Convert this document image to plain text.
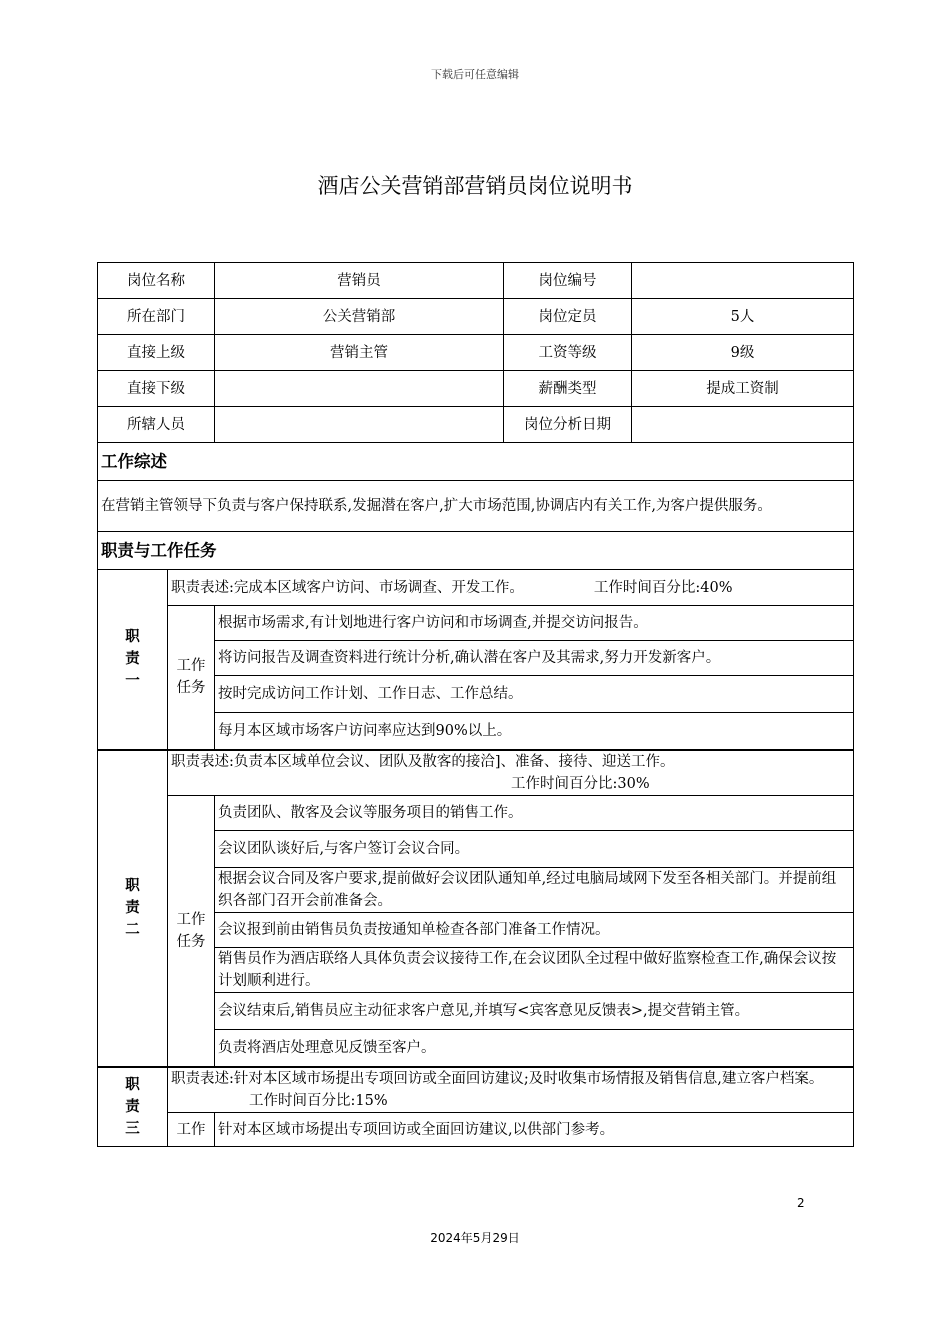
下载后可任意编辑
酒店公关营销部营销员岗位说明书
岗位名称		营销员	岗位编号	
所在部门		公关营销部	岗位定员	5人
直接上级		营销主管	工资等级	9级
直接下级			薪酬类型	提成工资制
所辖人员			岗位分析日期	
工作综述				
在营销主管领导下负责与客户保持联系,发掘潜在客户,扩大市场范围,协调店内有关工作,为客户提供服务。				
职责与工作任务				

职责一	职责表述:完成本区域客户访问、市场调查、开发工作。 工作时间百分比:40%			

	工作任务	根据市场需求,有计划地进行客户访问和市场调查,并提交访问报告。		
		将访问报告及调查资料进行统计分析,确认潜在客户及其需求,努力开发新客户。		
		按时完成访问工作计划、工作日志、工作总结。		
		每月本区域市场客户访问率应达到90%以上。		

职责二	职责表述:负责本区域单位会议、团队及散客的接洽]、准备、接待、迎送工作。
工作时间百分比:30%			

	工作任务	负责团队、散客及会议等服务项目的销售工作。		
		会议团队谈好后,与客户签订会议合同。		
		根据会议合同及客户要求,提前做好会议团队通知单,经过电脑局域网下发至各相关部门。并提前组织各部门召开会前准备会。		
		会议报到前由销售员负责按通知单检查各部门准备工作情况。		
		销售员作为酒店联络人具体负责会议接待工作,在会议团队全过程中做好监察检查工作,确保会议按计划顺利进行。		
		会议结束后,销售员应主动征求客户意见,并填写<宾客意见反馈表>,提交营销主管。		
		负责将酒店处理意见反馈至客户。		

职责三	职责表述:针对本区域市场提出专项回访或全面回访建议;及时收集市场情报及销售信息,建立客户档案。工作时间百分比:15%			
	工作	针对本区域市场提出专项回访或全面回访建议,以供部门参考。		
2
2024年5月29日
